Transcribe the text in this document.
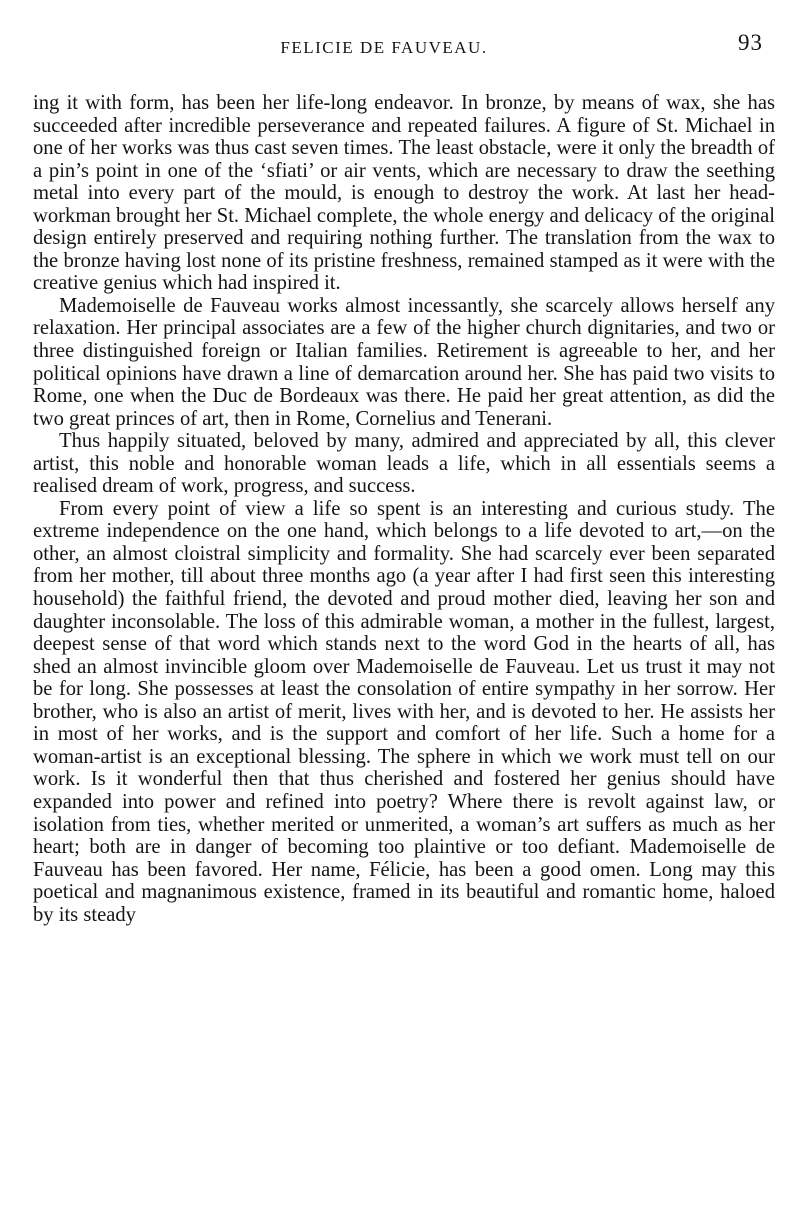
FELICIE DE FAUVEAU.	93

ing it with form, has been her life-long endeavor. In bronze, by means of wax, she has succeeded after incredible perseverance and repeated failures. A figure of St. Michael in one of her works was thus cast seven times. The least obstacle, were it only the breadth of a pin’s point in one of the ‘sfiati’ or air vents, which are necessary to draw the seething metal into every part of the mould, is enough to destroy the work. At last her head-workman brought her St. Michael complete, the whole energy and delicacy of the original design entirely preserved and requiring nothing further. The translation from the wax to the bronze having lost none of its pristine freshness, remained stamped as it were with the creative genius which had inspired it.

Mademoiselle de Fauveau works almost incessantly, she scarcely allows herself any relaxation. Her principal associates are a few of the higher church dignitaries, and two or three distinguished foreign or Italian families. Retirement is agreeable to her, and her political opinions have drawn a line of demarcation around her. She has paid two visits to Rome, one when the Duc de Bordeaux was there. He paid her great attention, as did the two great princes of art, then in Rome, Cornelius and Tenerani.

Thus happily situated, beloved by many, admired and appreciated by all, this clever artist, this noble and honorable woman leads a life, which in all essentials seems a realised dream of work, progress, and success.

From every point of view a life so spent is an interesting and curious study. The extreme independence on the one hand, which belongs to a life devoted to art,—on the other, an almost cloistral simplicity and formality. She had scarcely ever been separated from her mother, till about three months ago (a year after I had first seen this interesting household) the faithful friend, the devoted and proud mother died, leaving her son and daughter inconsolable. The loss of this admirable woman, a mother in the fullest, largest, deepest sense of that word which stands next to the word God in the hearts of all, has shed an almost invincible gloom over Mademoiselle de Fauveau. Let us trust it may not be for long. She possesses at least the consolation of entire sympathy in her sorrow. Her brother, who is also an artist of merit, lives with her, and is devoted to her. He assists her in most of her works, and is the support and comfort of her life. Such a home for a woman-artist is an exceptional blessing. The sphere in which we work must tell on our work. Is it wonderful then that thus cherished and fostered her genius should have expanded into power and refined into poetry? Where there is revolt against law, or isolation from ties, whether merited or unmerited, a woman’s art suffers as much as her heart; both are in danger of becoming too plaintive or too defiant. Mademoiselle de Fauveau has been favored. Her name, Félicie, has been a good omen. Long may this poetical and magnanimous existence, framed in its beautiful and romantic home, haloed by its steady
